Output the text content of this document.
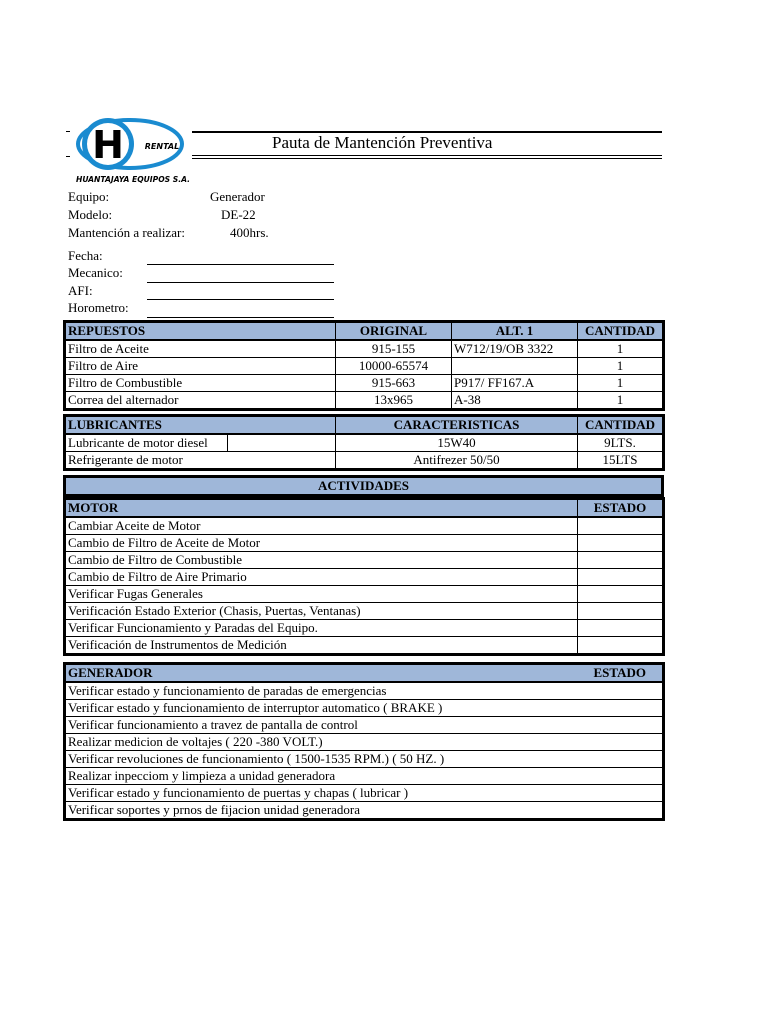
H	RENTAL
HUANTAJAYA EQUIPOS S.A.
Pauta de Mantención Preventiva
Equipo:	Generador
Modelo:	DE-22
Mantención a realizar:	400hrs.
Fecha:
Mecanico:
AFI:
Horometro:
REPUESTOS	ORIGINAL	ALT. 1	CANTIDAD
Filtro de Aceite	915-155	W712/19/OB 3322	1
Filtro de Aire	10000-65574		1
Filtro de Combustible	915-663	P917/ FF167.A	1
Correa del alternador	13x965	A-38	1
LUBRICANTES		CARACTERISTICAS	CANTIDAD
Lubricante de motor diesel		15W40	9LTS.
Refrigerante de motor		Antifrezer 50/50	15LTS
ACTIVIDADES
MOTOR	ESTADO
Cambiar Aceite de Motor	
Cambio de Filtro de Aceite de Motor	
Cambio de Filtro de Combustible	
Cambio de Filtro de Aire Primario	
Verificar Fugas Generales	
Verificación Estado Exterior (Chasis, Puertas, Ventanas)	
Verificar Funcionamiento y Paradas del Equipo.	
Verificación de Instrumentos de Medición	
GENERADOR	ESTADO
Verificar estado y funcionamiento de paradas de emergencias
Verificar estado y funcionamiento de interruptor automatico ( BRAKE )
Verificar funcionamiento a travez de pantalla de control
Realizar medicion de voltajes ( 220 -380 VOLT.)
Verificar revoluciones de funcionamiento ( 1500-1535 RPM.) ( 50 HZ. )
Realizar inpecciom y limpieza a unidad generadora
Verificar estado y funcionamiento de puertas y chapas ( lubricar )
Verificar soportes y prnos de fijacion unidad generadora
